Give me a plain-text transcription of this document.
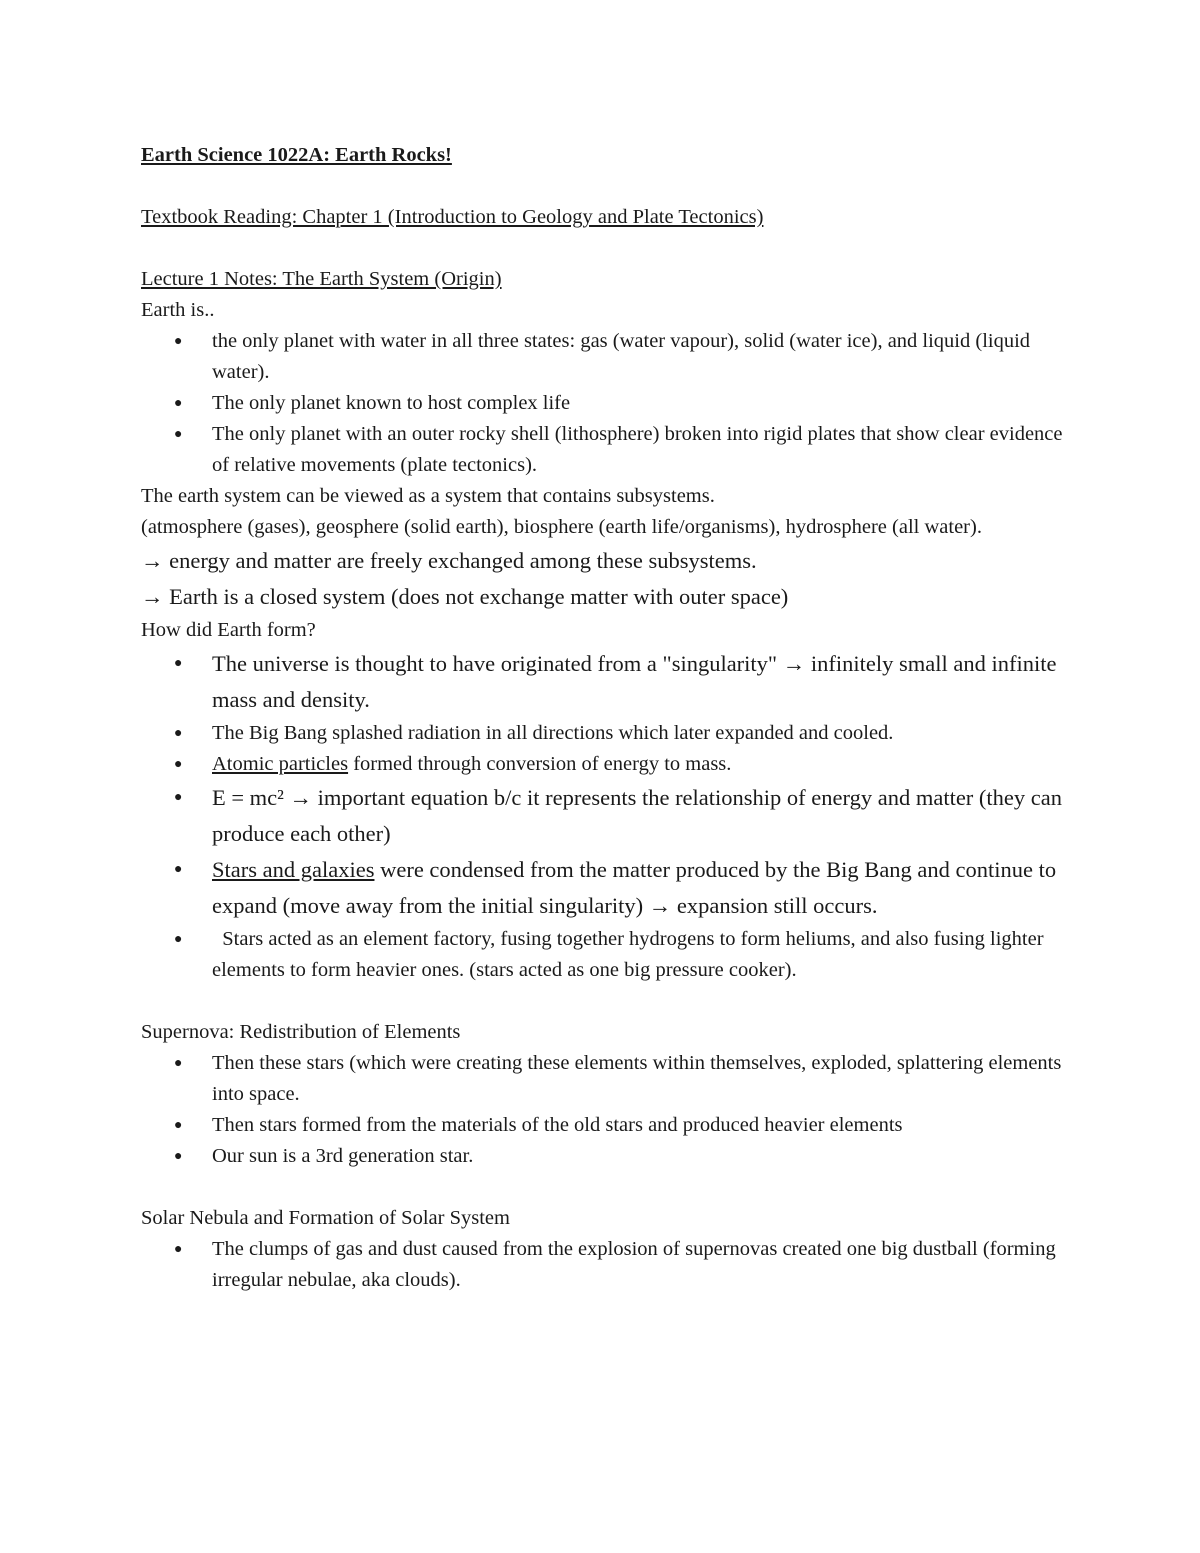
Earth Science 1022A: Earth Rocks!

Textbook Reading: Chapter 1 (Introduction to Geology and Plate Tectonics)

Lecture 1 Notes: The Earth System (Origin)

Earth is..

● the only planet with water in all three states: gas (water vapour), solid (water ice), and liquid (liquid water).
● The only planet known to host complex life
● The only planet with an outer rocky shell (lithosphere) broken into rigid plates that show clear evidence of relative movements (plate tectonics).

The earth system can be viewed as a system that contains subsystems.

(atmosphere (gases), geosphere (solid earth), biosphere (earth life/organisms), hydrosphere (all water).

→ energy and matter are freely exchanged among these subsystems.

→ Earth is a closed system (does not exchange matter with outer space)

How did Earth form?

● The universe is thought to have originated from a "singularity" → infinitely small and infinite mass and density.
● The Big Bang splashed radiation in all directions which later expanded and cooled.
● Atomic particles formed through conversion of energy to mass.
● E = mc² → important equation b/c it represents the relationship of energy and matter (they can produce each other)
● Stars and galaxies were condensed from the matter produced by the Big Bang and continue to expand (move away from the initial singularity) → expansion still occurs.
● Stars acted as an element factory, fusing together hydrogens to form heliums, and also fusing lighter elements to form heavier ones. (stars acted as one big pressure cooker).

Supernova: Redistribution of Elements

● Then these stars (which were creating these elements within themselves, exploded, splattering elements into space.
● Then stars formed from the materials of the old stars and produced heavier elements
● Our sun is a 3rd generation star.

Solar Nebula and Formation of Solar System

● The clumps of gas and dust caused from the explosion of supernovas created one big dustball (forming irregular nebulae, aka clouds).
